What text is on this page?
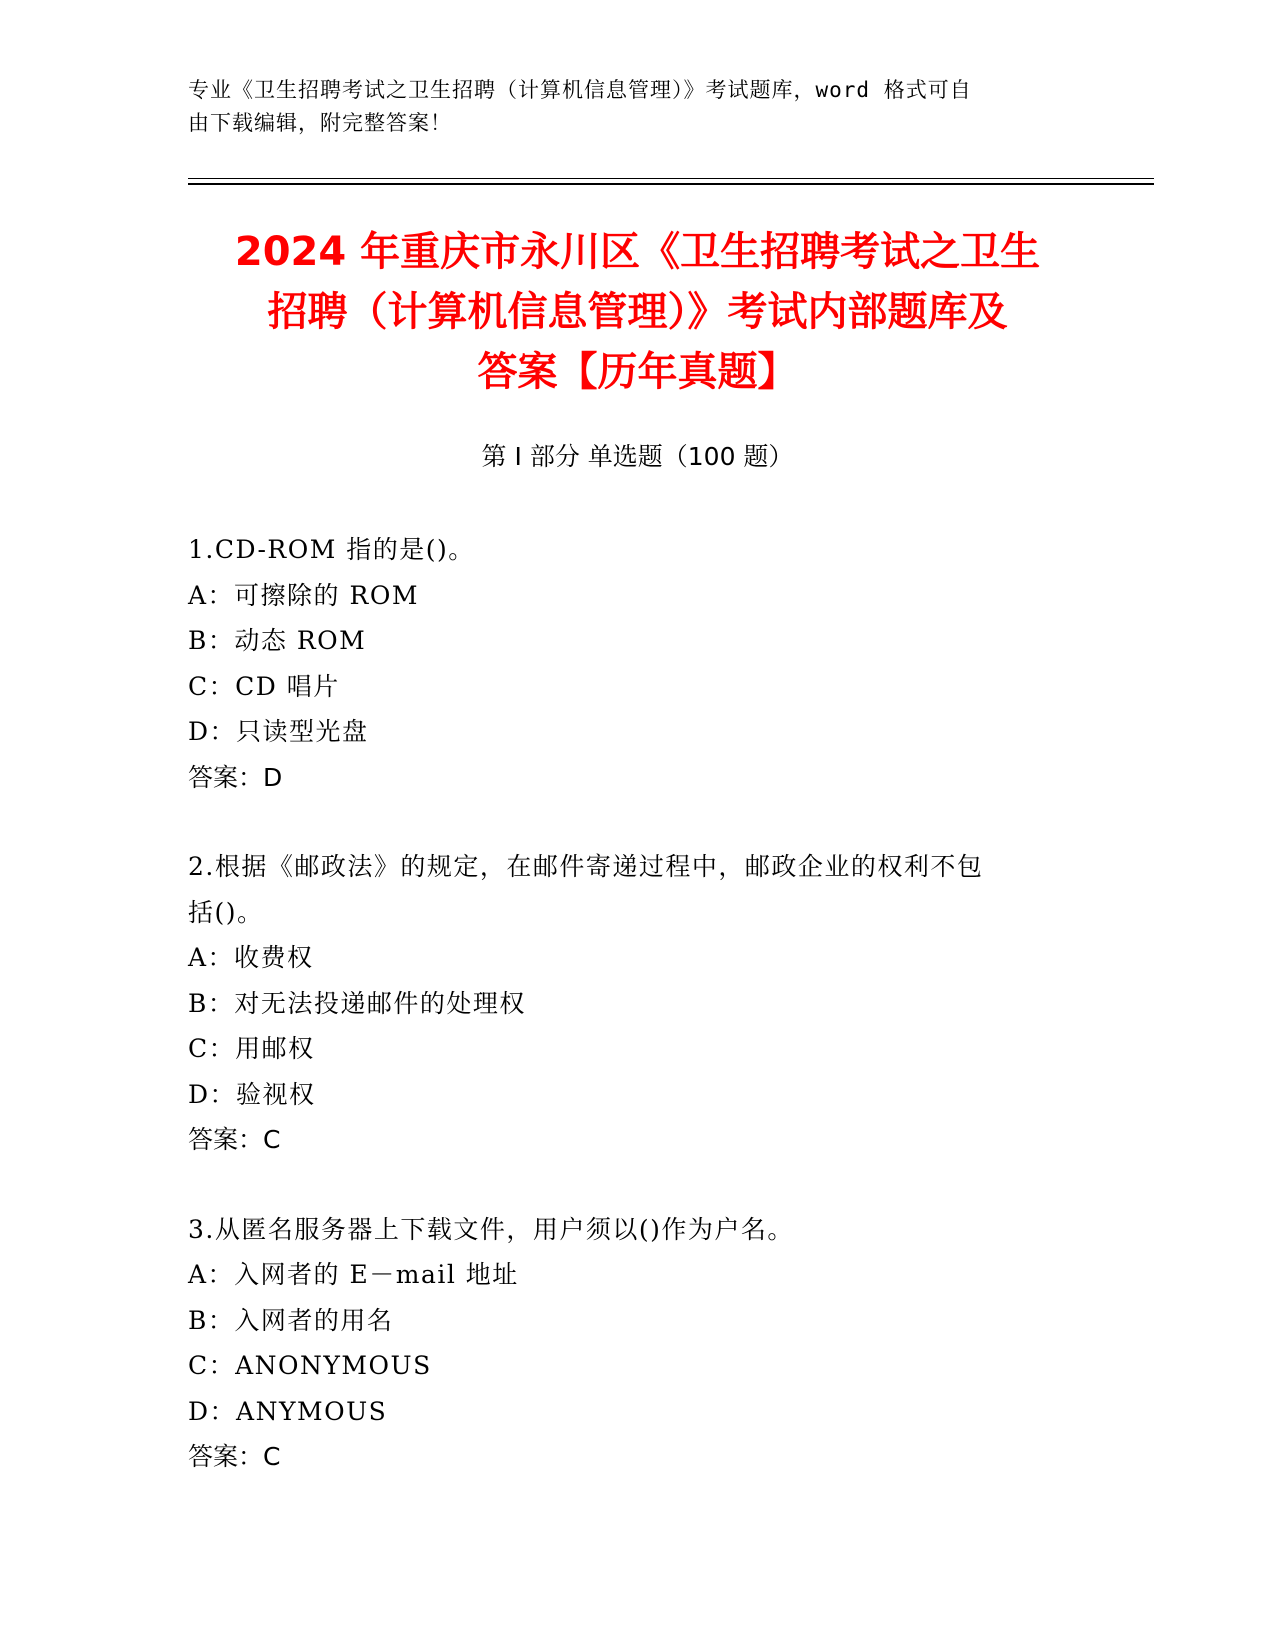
专业《卫生招聘考试之卫生招聘（计算机信息管理）》考试题库，word 格式可自
由下载编辑，附完整答案！
2024 年重庆市永川区《卫生招聘考试之卫生
招聘（计算机信息管理）》考试内部题库及
答案【历年真题】
第 I 部分 单选题（100 题）

1.CD-ROM 指的是()。

A：可擦除的 ROM

B：动态 ROM

C：CD 唱片

D：只读型光盘

答案：D

2.根据《邮政法》的规定，在邮件寄递过程中，邮政企业的权利不包

括()。

A：收费权

B：对无法投递邮件的处理权

C：用邮权

D：验视权

答案：C

3.从匿名服务器上下载文件，用户须以()作为户名。

A：入网者的 E－mail 地址

B：入网者的用名

C：ANONYMOUS

D：ANYMOUS

答案：C
